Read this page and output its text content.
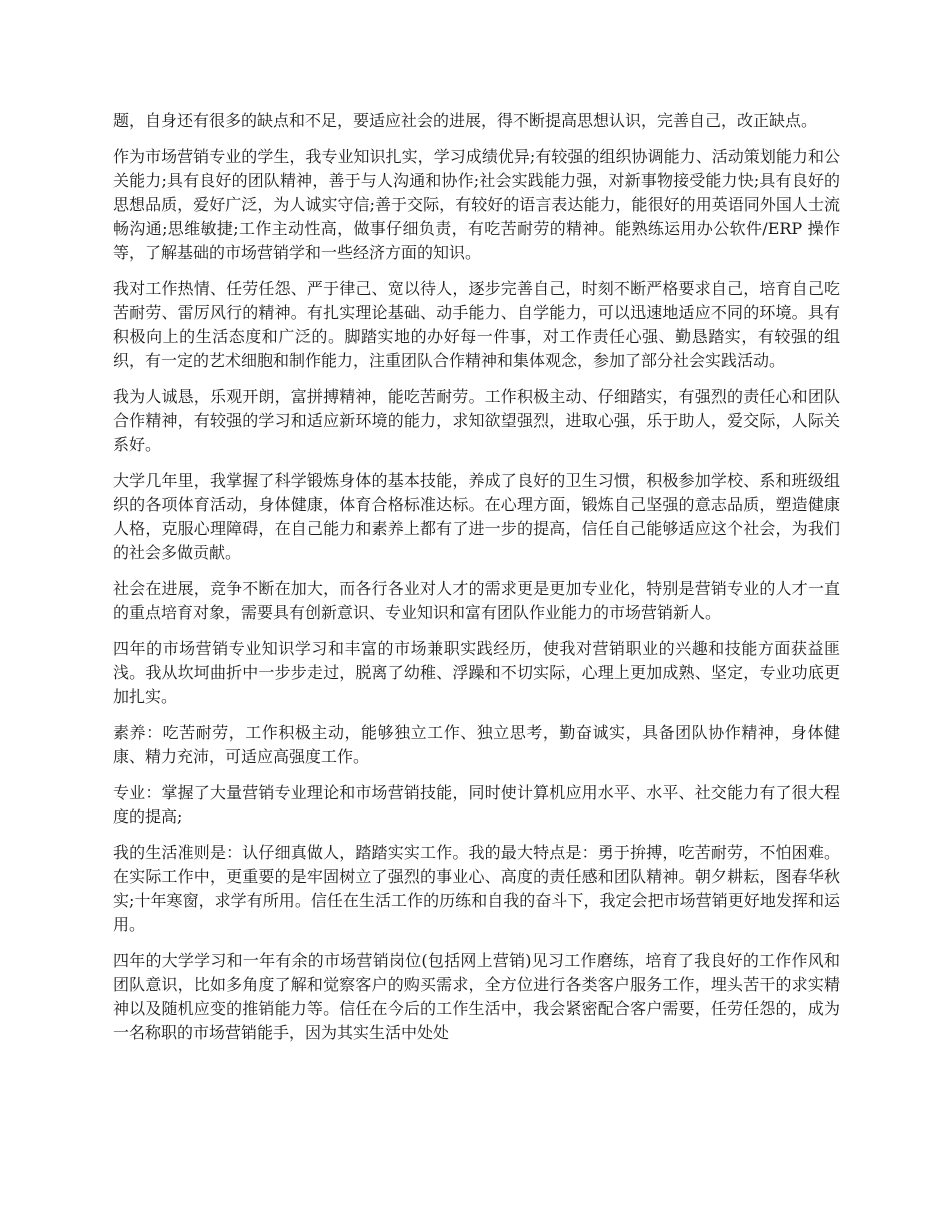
题，自身还有很多的缺点和不足，要适应社会的进展，得不断提高思想认识，完善自己，改正缺点。

作为市场营销专业的学生，我专业知识扎实，学习成绩优异;有较强的组织协调能力、活动策划能力和公关能力;具有良好的团队精神，善于与人沟通和协作;社会实践能力强，对新事物接受能力快;具有良好的思想品质，爱好广泛，为人诚实守信;善于交际，有较好的语言表达能力，能很好的用英语同外国人士流畅沟通;思维敏捷;工作主动性高，做事仔细负责，有吃苦耐劳的精神。能熟练运用办公软件/ERP 操作等，了解基础的市场营销学和一些经济方面的知识。

我对工作热情、任劳任怨、严于律己、宽以待人，逐步完善自己，时刻不断严格要求自己，培育自己吃苦耐劳、雷厉风行的精神。有扎实理论基础、动手能力、自学能力，可以迅速地适应不同的环境。具有积极向上的生活态度和广泛的。脚踏实地的办好每一件事，对工作责任心强、勤恳踏实，有较强的组织，有一定的艺术细胞和制作能力，注重团队合作精神和集体观念，参加了部分社会实践活动。

我为人诚恳，乐观开朗，富拼搏精神，能吃苦耐劳。工作积极主动、仔细踏实，有强烈的责任心和团队合作精神，有较强的学习和适应新环境的能力，求知欲望强烈，进取心强，乐于助人，爱交际，人际关系好。

大学几年里，我掌握了科学锻炼身体的基本技能，养成了良好的卫生习惯，积极参加学校、系和班级组织的各项体育活动，身体健康，体育合格标准达标。在心理方面，锻炼自己坚强的意志品质，塑造健康人格，克服心理障碍，在自己能力和素养上都有了进一步的提高，信任自己能够适应这个社会，为我们的社会多做贡献。

社会在进展，竞争不断在加大，而各行各业对人才的需求更是更加专业化，特别是营销专业的人才一直的重点培育对象，需要具有创新意识、专业知识和富有团队作业能力的市场营销新人。

四年的市场营销专业知识学习和丰富的市场兼职实践经历，使我对营销职业的兴趣和技能方面获益匪浅。我从坎坷曲折中一步步走过，脱离了幼稚、浮躁和不切实际，心理上更加成熟、坚定，专业功底更加扎实。

素养：吃苦耐劳，工作积极主动，能够独立工作、独立思考，勤奋诚实，具备团队协作精神，身体健康、精力充沛，可适应高强度工作。

专业：掌握了大量营销专业理论和市场营销技能，同时使计算机应用水平、水平、社交能力有了很大程度的提高;

我的生活准则是：认仔细真做人，踏踏实实工作。我的最大特点是：勇于拚搏，吃苦耐劳，不怕困难。在实际工作中，更重要的是牢固树立了强烈的事业心、高度的责任感和团队精神。朝夕耕耘，图春华秋实;十年寒窗，求学有所用。信任在生活工作的历练和自我的奋斗下，我定会把市场营销更好地发挥和运用。

四年的大学学习和一年有余的市场营销岗位(包括网上营销)见习工作磨练，培育了我良好的工作作风和团队意识，比如多角度了解和觉察客户的购买需求，全方位进行各类客户服务工作，埋头苦干的求实精神以及随机应变的推销能力等。信任在今后的工作生活中，我会紧密配合客户需要，任劳任怨的，成为一名称职的市场营销能手，因为其实生活中处处
